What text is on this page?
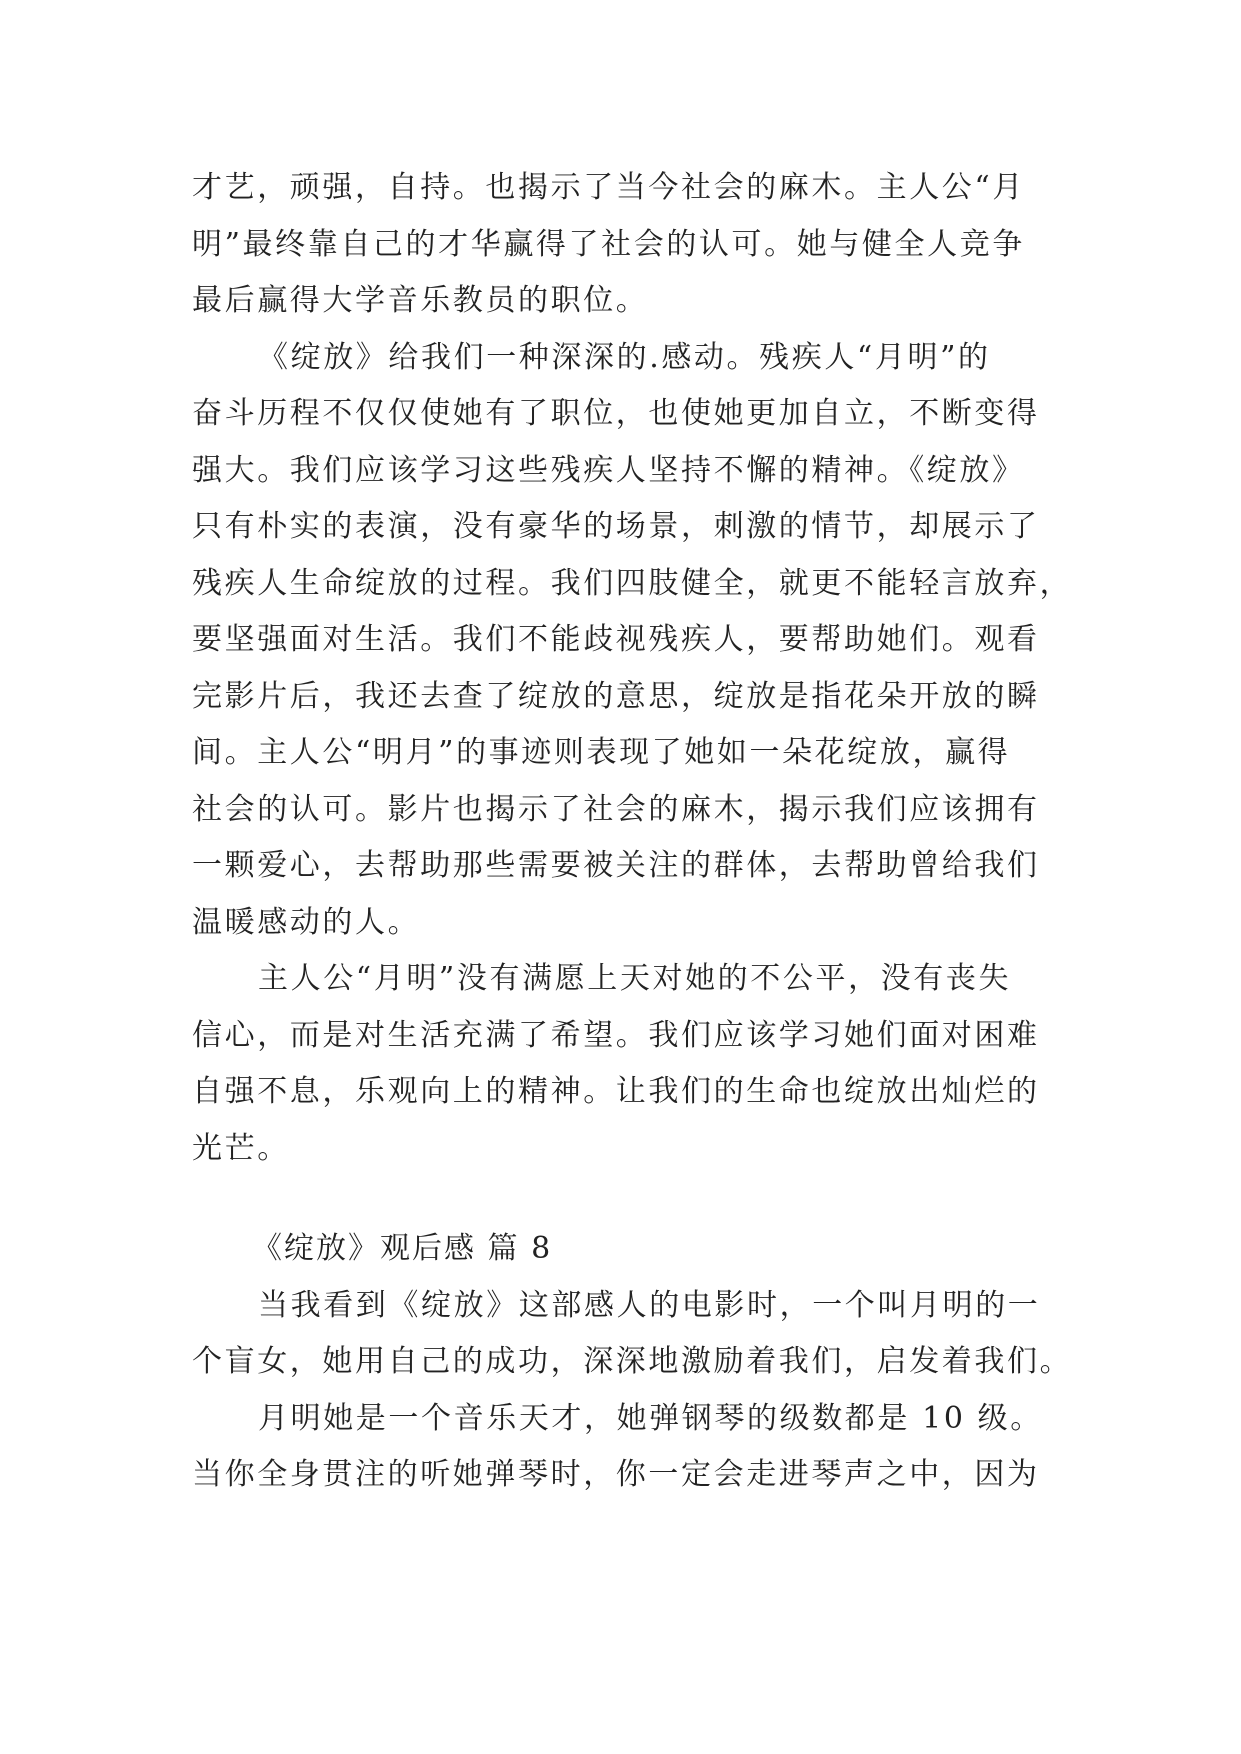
才艺，顽强，自持。也揭示了当今社会的麻木。主人公“月
明”最终靠自己的才华赢得了社会的认可。她与健全人竞争
最后赢得大学音乐教员的职位。
《绽放》给我们一种深深的.感动。残疾人“月明”的
奋斗历程不仅仅使她有了职位，也使她更加自立，不断变得
强大。我们应该学习这些残疾人坚持不懈的精神。《绽放》
只有朴实的表演，没有豪华的场景，刺激的情节，却展示了
残疾人生命绽放的过程。我们四肢健全，就更不能轻言放弃，
要坚强面对生活。我们不能歧视残疾人，要帮助她们。观看
完影片后，我还去查了绽放的意思，绽放是指花朵开放的瞬
间。主人公“明月”的事迹则表现了她如一朵花绽放，赢得
社会的认可。影片也揭示了社会的麻木，揭示我们应该拥有
一颗爱心，去帮助那些需要被关注的群体，去帮助曾给我们
温暖感动的人。
主人公“月明”没有满愿上天对她的不公平，没有丧失
信心，而是对生活充满了希望。我们应该学习她们面对困难
自强不息，乐观向上的精神。让我们的生命也绽放出灿烂的
光芒。
《绽放》观后感 篇 8
当我看到《绽放》这部感人的电影时，一个叫月明的一
个盲女，她用自己的成功，深深地激励着我们，启发着我们。
月明她是一个音乐天才，她弹钢琴的级数都是 10 级。
当你全身贯注的听她弹琴时，你一定会走进琴声之中，因为
